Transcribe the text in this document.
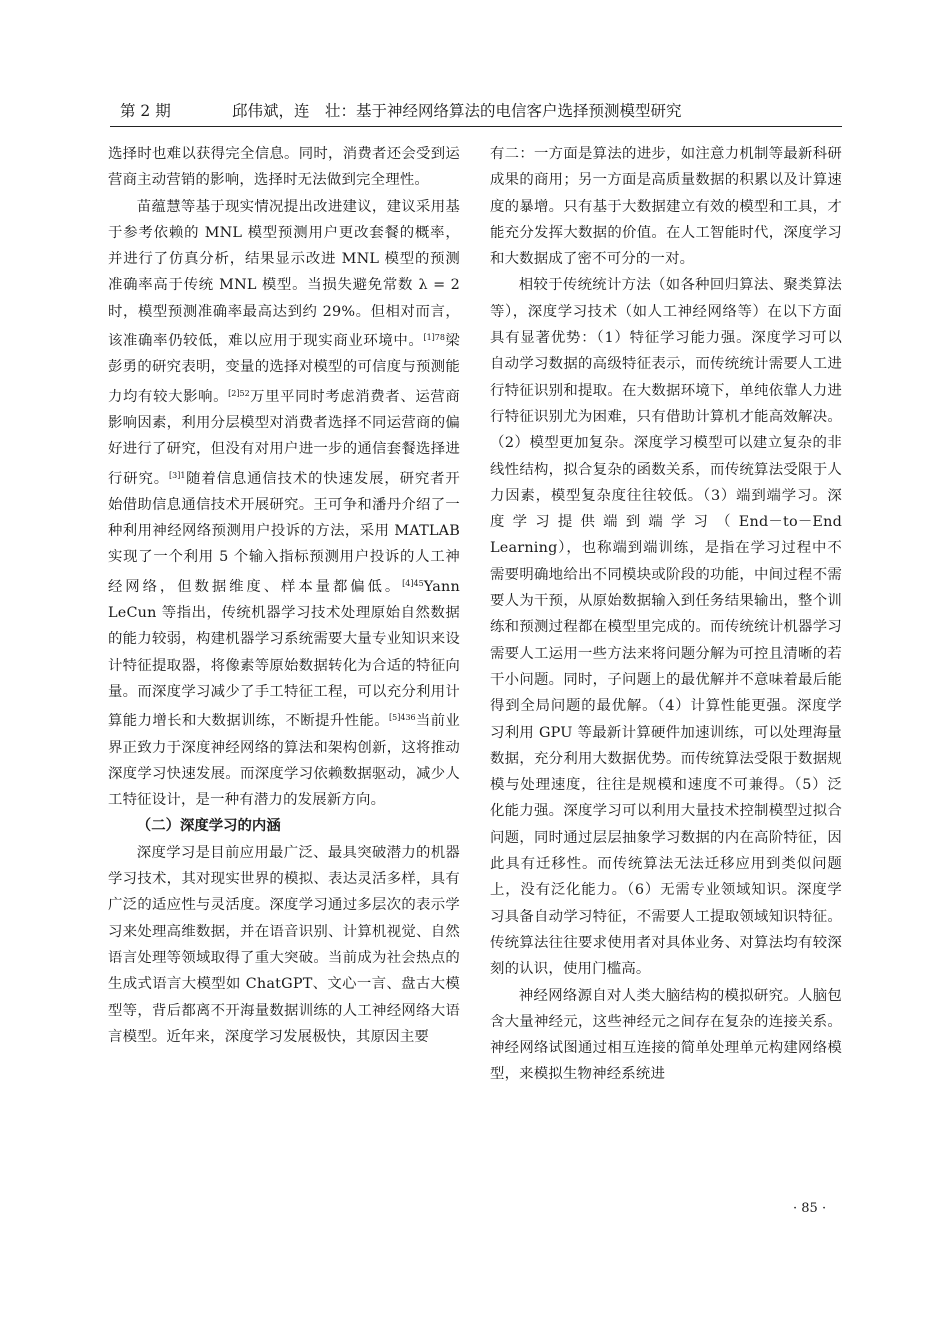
第 2 期	邱伟斌，连　壮：基于神经网络算法的电信客户选择预测模型研究

选择时也难以获得完全信息。同时，消费者还会受到运营商主动营销的影响，选择时无法做到完全理性。

苗蕴慧等基于现实情况提出改进建议，建议采用基于参考依赖的 MNL 模型预测用户更改套餐的概率，并进行了仿真分析，结果显示改进 MNL 模型的预测准确率高于传统 MNL 模型。当损失避免常数 λ = 2 时，模型预测准确率最高达到约 29%。但相对而言，该准确率仍较低，难以应用于现实商业环境中。$^{[1]78}$梁彭勇的研究表明，变量的选择对模型的可信度与预测能力均有较大影响。$^{[2]52}$万里平同时考虑消费者、运营商影响因素，利用分层模型对消费者选择不同运营商的偏好进行了研究，但没有对用户进一步的通信套餐选择进行研究。$^{[3]1}$随着信息通信技术的快速发展，研究者开始借助信息通信技术开展研究。王可争和潘丹介绍了一种利用神经网络预测用户投诉的方法，采用 MATLAB 实现了一个利用 5 个输入指标预测用户投诉的人工神经网络，但数据维度、样本量都偏低。$^{[4]45}$Yann LeCun 等指出，传统机器学习技术处理原始自然数据的能力较弱，构建机器学习系统需要大量专业知识来设计特征提取器，将像素等原始数据转化为合适的特征向量。而深度学习减少了手工特征工程，可以充分利用计算能力增长和大数据训练，不断提升性能。$^{[5]436}$当前业界正致力于深度神经网络的算法和架构创新，这将推动深度学习快速发展。而深度学习依赖数据驱动，减少人工特征设计，是一种有潜力的发展新方向。

（二）深度学习的内涵

深度学习是目前应用最广泛、最具突破潜力的机器学习技术，其对现实世界的模拟、表达灵活多样，具有广泛的适应性与灵活度。深度学习通过多层次的表示学习来处理高维数据，并在语音识别、计算机视觉、自然语言处理等领域取得了重大突破。当前成为社会热点的生成式语言大模型如 ChatGPT、文心一言、盘古大模型等，背后都离不开海量数据训练的人工神经网络大语言模型。近年来，深度学习发展极快，其原因主要

有二：一方面是算法的进步，如注意力机制等最新科研成果的商用；另一方面是高质量数据的积累以及计算速度的暴增。只有基于大数据建立有效的模型和工具，才能充分发挥大数据的价值。在人工智能时代，深度学习和大数据成了密不可分的一对。

相较于传统统计方法（如各种回归算法、聚类算法等），深度学习技术（如人工神经网络等）在以下方面具有显著优势：（1）特征学习能力强。深度学习可以自动学习数据的高级特征表示，而传统统计需要人工进行特征识别和提取。在大数据环境下，单纯依靠人力进行特征识别尤为困难，只有借助计算机才能高效解决。（2）模型更加复杂。深度学习模型可以建立复杂的非线性结构，拟合复杂的函数关系，而传统算法受限于人力因素，模型复杂度往往较低。（3）端到端学习。深度学习提供端到端学习（End－to－End Learning），也称端到端训练，是指在学习过程中不需要明确地给出不同模块或阶段的功能，中间过程不需要人为干预，从原始数据输入到任务结果输出，整个训练和预测过程都在模型里完成的。而传统统计机器学习需要人工运用一些方法来将问题分解为可控且清晰的若干小问题。同时，子问题上的最优解并不意味着最后能得到全局问题的最优解。（4）计算性能更强。深度学习利用 GPU 等最新计算硬件加速训练，可以处理海量数据，充分利用大数据优势。而传统算法受限于数据规模与处理速度，往往是规模和速度不可兼得。（5）泛化能力强。深度学习可以利用大量技术控制模型过拟合问题，同时通过层层抽象学习数据的内在高阶特征，因此具有迁移性。而传统算法无法迁移应用到类似问题上，没有泛化能力。（6）无需专业领域知识。深度学习具备自动学习特征，不需要人工提取领域知识特征。传统算法往往要求使用者对具体业务、对算法均有较深刻的认识，使用门槛高。

神经网络源自对人类大脑结构的模拟研究。人脑包含大量神经元，这些神经元之间存在复杂的连接关系。神经网络试图通过相互连接的简单处理单元构建网络模型，来模拟生物神经系统进

· 85 ·
